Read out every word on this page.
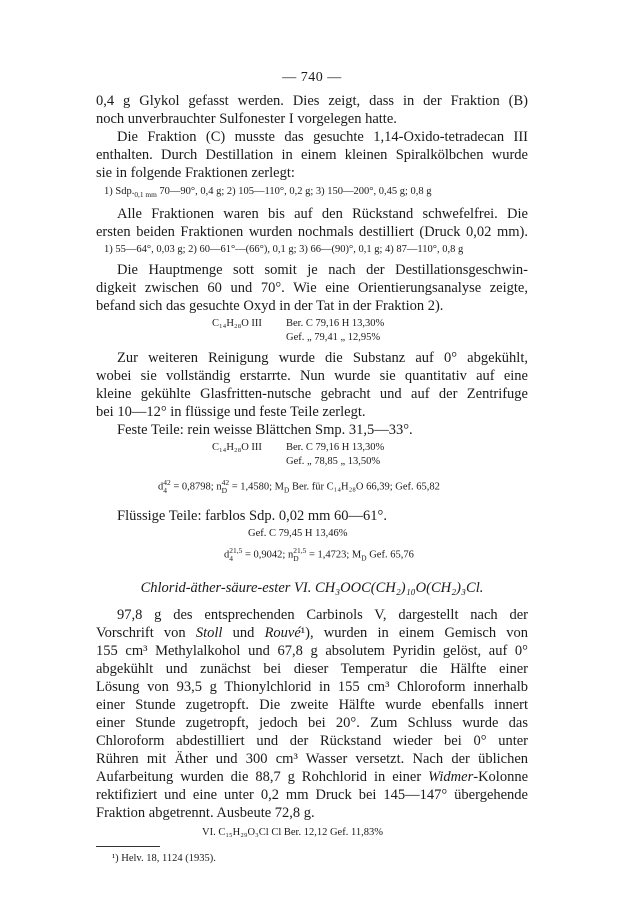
— 740 —
0,4 g Glykol gefasst werden. Dies zeigt, dass in der Fraktion (B)
noch unverbrauchter Sulfonester I vorgelegen hatte.
Die Fraktion (C) musste das gesuchte 1,14-Oxido-tetradecan III
enthalten. Durch Destillation in einem kleinen Spiralkölbchen wurde
sie in folgende Fraktionen zerlegt:
1) $Sdp._{0,1 mm}$ 70—90°, 0,4 g; 2) 105—110°, 0,2 g; 3) 150—200°, 0,45 g; 0,8 g
Alle Fraktionen waren bis auf den Rückstand schwefelfrei. Die
ersten beiden Fraktionen wurden nochmals destilliert (Druck 0,02 mm).
1) 55—64°, 0,03 g; 2) 60—61°—(66°), 0,1 g; 3) 66—(90)°, 0,1 g; 4) 87—110°, 0,8 g
Die Hauptmenge sott somit je nach der Destillationsgeschwin-
digkeit zwischen 60 und 70°. Wie eine Orientierungsanalyse zeigte,
befand sich das gesuchte Oxyd in der Tat in der Fraktion 2).
C₁₄H₂₈O III Ber. C 79,16 H 13,30%
Gef. „ 79,41 „ 12,95%
Zur weiteren Reinigung wurde die Substanz auf 0° abgekühlt,
wobei sie vollständig erstarrte. Nun wurde sie quantitativ auf eine
kleine gekühlte Glasfritten-nutsche gebracht und auf der Zentrifuge
bei 10—12° in flüssige und feste Teile zerlegt.
Feste Teile: rein weisse Blättchen Smp. 31,5—33°.
C₁₄H₂₈O III Ber. C 79,16 H 13,30%
Gef. „ 78,85 „ 13,50%
d 42
4 = 0,8798; n 42
D = 1,4580; $M_D$ Ber. für C₁₄H₂₈O 66,39; Gef. 65,82
Flüssige Teile: farblos Sdp. 0,02 mm 60—61°.
Gef. C 79,45 H 13,46%
d 21,5
4 = 0,9042; n 21,5
D = 1,4723; $M_D$ Gef. 65,76
Chlorid-äther-säure-ester VI. CH₃OOC(CH₂)₁₀O(CH₂)₃Cl.
97,8 g des entsprechenden Carbinols V, dargestellt nach der
Vorschrift von Stoll und Rouvé¹), wurden in einem Gemisch von
155 cm³ Methylalkohol und 67,8 g absolutem Pyridin gelöst, auf 0°
abgekühlt und zunächst bei dieser Temperatur die Hälfte einer
Lösung von 93,5 g Thionylchlorid in 155 cm³ Chloroform innerhalb
einer Stunde zugetropft. Die zweite Hälfte wurde ebenfalls innert
einer Stunde zugetropft, jedoch bei 20°. Zum Schluss wurde das
Chloroform abdestilliert und der Rückstand wieder bei 0° unter
Rühren mit Äther und 300 cm³ Wasser versetzt. Nach der üblichen
Aufarbeitung wurden die 88,7 g Rohchlorid in einer Widmer-Kolonne
rektifiziert und eine unter 0,2 mm Druck bei 145—147° übergehende
Fraktion abgetrennt. Ausbeute 72,8 g.
VI. C₁₅H₂₉O₃Cl Cl Ber. 12,12 Gef. 11,83%
¹) Helv. 18, 1124 (1935).
